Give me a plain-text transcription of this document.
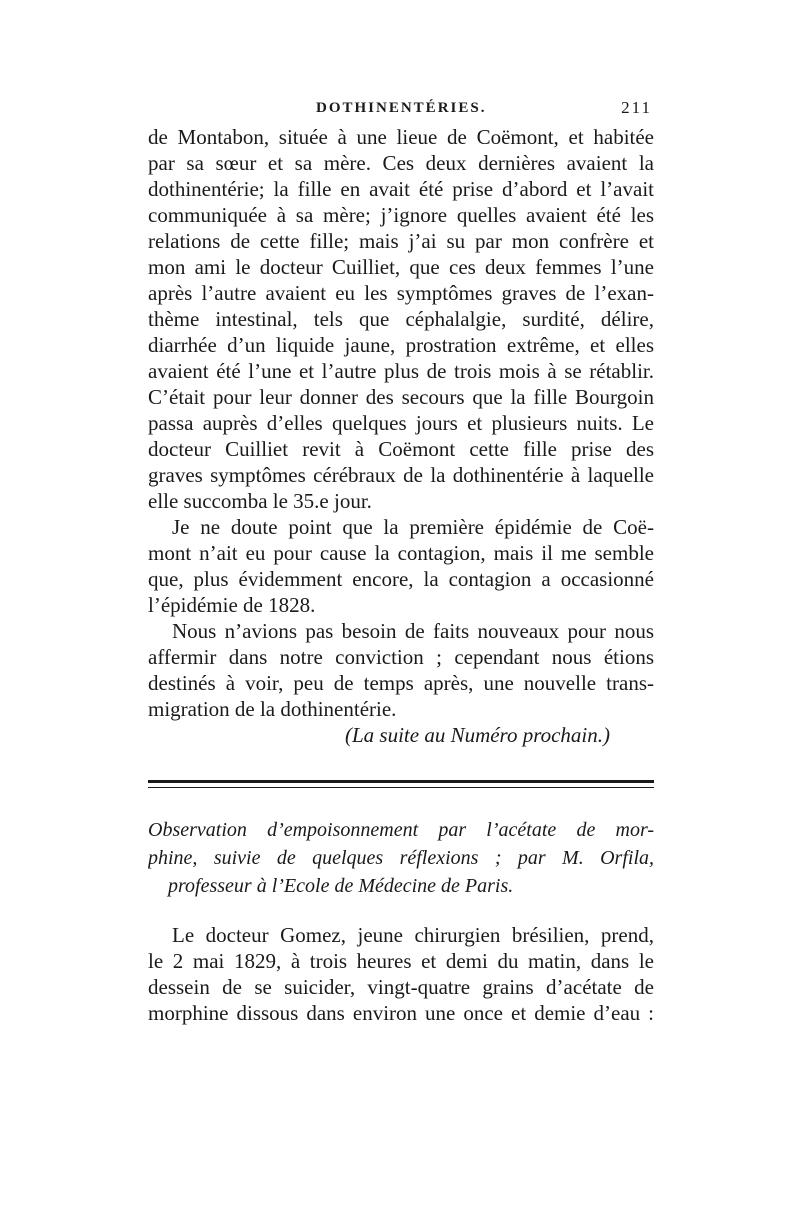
DOTHINENTÉRIES.	211
de Montabon, située à une lieue de Coëmont, et habitée
par sa sœur et sa mère. Ces deux dernières avaient la
dothinentérie; la fille en avait été prise d’abord et l’avait
communiquée à sa mère; j’ignore quelles avaient été les
relations de cette fille; mais j’ai su par mon confrère et
mon ami le docteur Cuilliet, que ces deux femmes l’une
après l’autre avaient eu les symptômes graves de l’exan-
thème intestinal, tels que céphalalgie, surdité, délire,
diarrhée d’un liquide jaune, prostration extrême, et elles
avaient été l’une et l’autre plus de trois mois à se rétablir.
C’était pour leur donner des secours que la fille Bourgoin
passa auprès d’elles quelques jours et plusieurs nuits. Le
docteur Cuilliet revit à Coëmont cette fille prise des
graves symptômes cérébraux de la dothinentérie à laquelle
elle succomba le 35.e jour.
Je ne doute point que la première épidémie de Coë-
mont n’ait eu pour cause la contagion, mais il me semble
que, plus évidemment encore, la contagion a occasionné
l’épidémie de 1828.
Nous n’avions pas besoin de faits nouveaux pour nous
affermir dans notre conviction ; cependant nous étions
destinés à voir, peu de temps après, une nouvelle trans-
migration de la dothinentérie.
(La suite au Numéro prochain.)
Observation d’empoisonnement par l’acétate de mor-
phine, suivie de quelques réflexions ; par M. Orfila,
professeur à l’Ecole de Médecine de Paris.
Le docteur Gomez, jeune chirurgien brésilien, prend,
le 2 mai 1829, à trois heures et demi du matin, dans le
dessein de se suicider, vingt-quatre grains d’acétate de
morphine dissous dans environ une once et demie d’eau :
